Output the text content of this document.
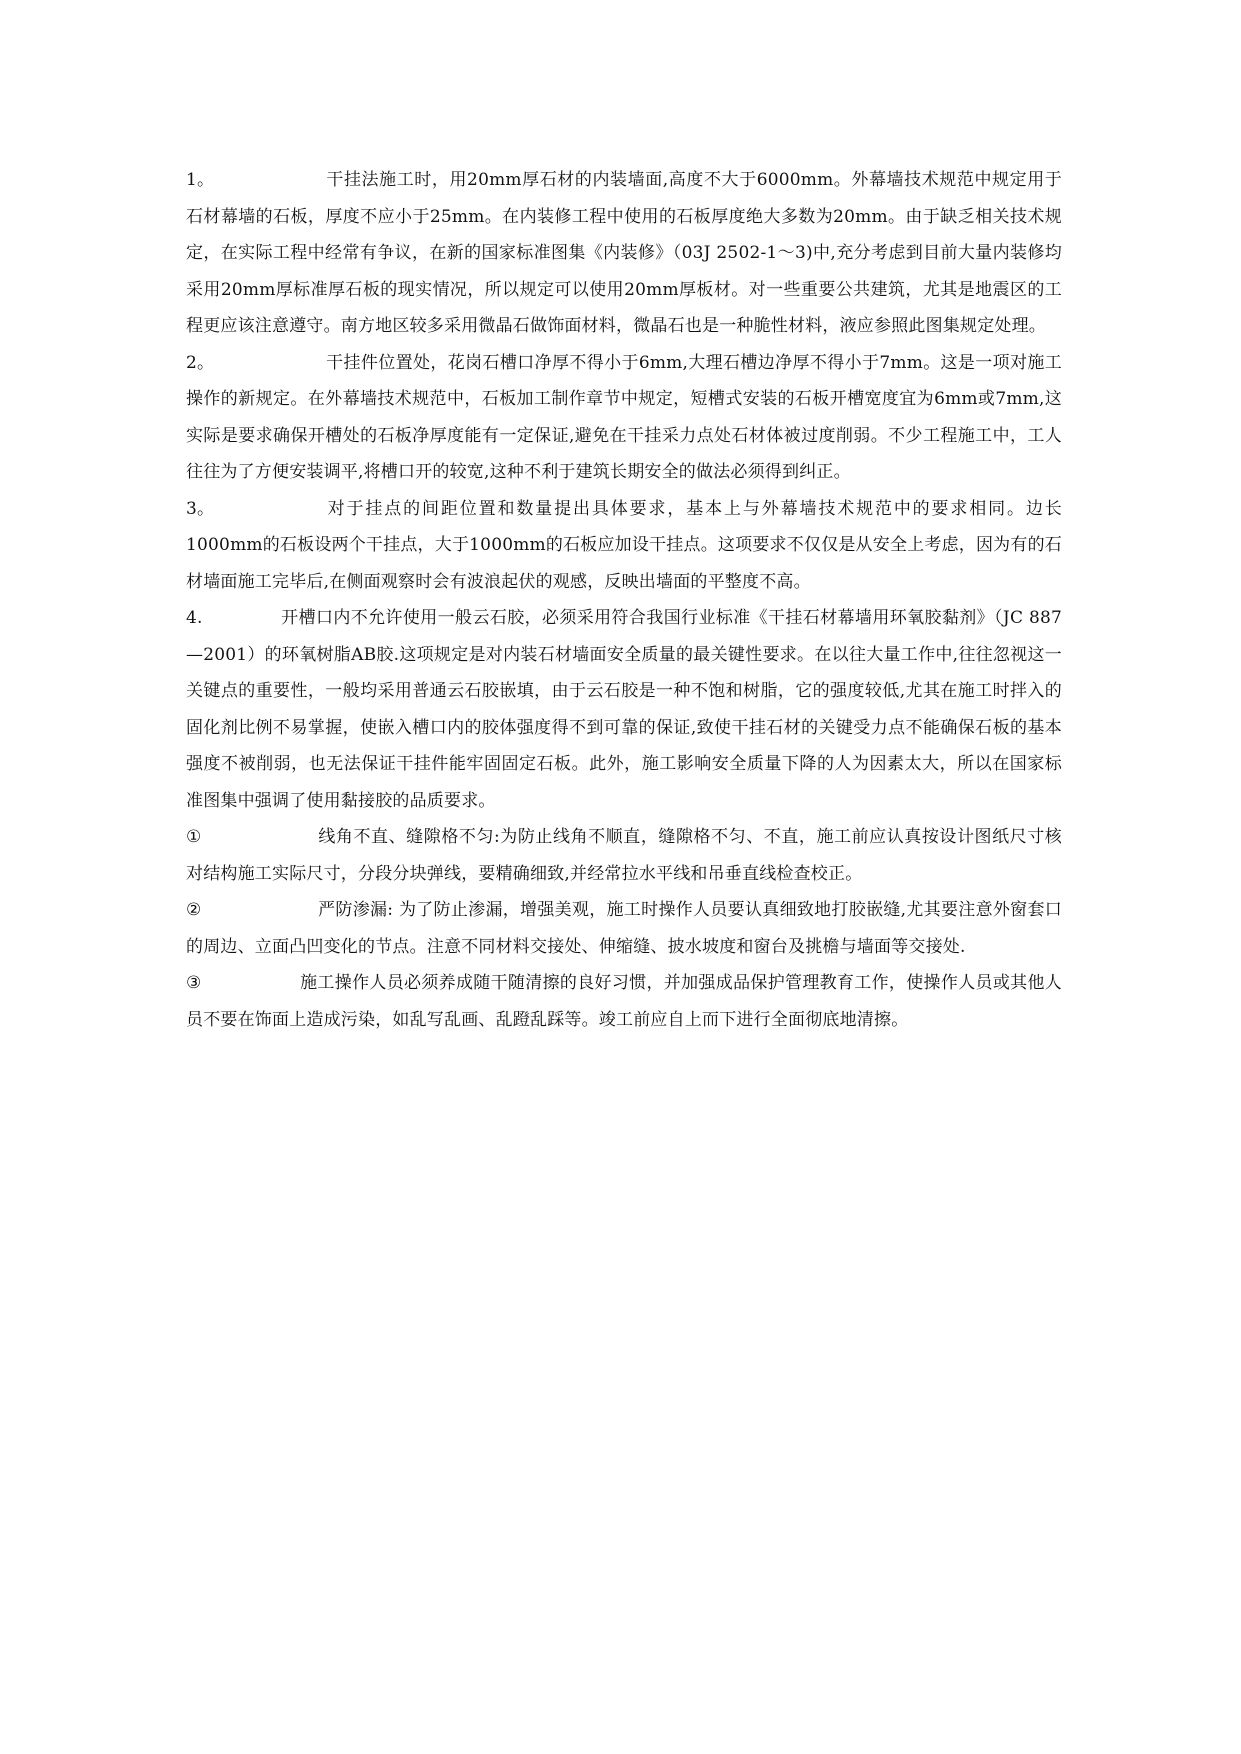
1。	干挂法施工时，用20mm厚石材的内装墙面,高度不大于6000mm。外幕墙技术规范中规定用于石材幕墙的石板，厚度不应小于25mm。在内装修工程中使用的石板厚度绝大多数为20mm。由于缺乏相关技术规定，在实际工程中经常有争议，在新的国家标准图集《内装修》（03J 2502-1～3)中,充分考虑到目前大量内装修均采用20mm厚标准厚石板的现实情况，所以规定可以使用20mm厚板材。对一些重要公共建筑，尤其是地震区的工程更应该注意遵守。南方地区较多采用微晶石做饰面材料，微晶石也是一种脆性材料，液应参照此图集规定处理。

2。	干挂件位置处，花岗石槽口净厚不得小于6mm,大理石槽边净厚不得小于7mm。这是一项对施工操作的新规定。在外幕墙技术规范中，石板加工制作章节中规定，短槽式安装的石板开槽宽度宜为6mm或7mm,这实际是要求确保开槽处的石板净厚度能有一定保证,避免在干挂采力点处石材体被过度削弱。不少工程施工中，工人往往为了方便安装调平,将槽口开的较宽,这种不利于建筑长期安全的做法必须得到纠正。

3。	对于挂点的间距位置和数量提出具体要求，基本上与外幕墙技术规范中的要求相同。边长1000mm的石板设两个干挂点，大于1000mm的石板应加设干挂点。这项要求不仅仅是从安全上考虑，因为有的石材墙面施工完毕后,在侧面观察时会有波浪起伏的观感，反映出墙面的平整度不高。

4.	开槽口内不允许使用一般云石胶，必须采用符合我国行业标准《干挂石材幕墙用环氧胶黏剂》（JC 887—2001）的环氧树脂AB胶.这项规定是对内装石材墙面安全质量的最关键性要求。在以往大量工作中,往往忽视这一关键点的重要性，一般均采用普通云石胶嵌填，由于云石胶是一种不饱和树脂，它的强度较低,尤其在施工时拌入的固化剂比例不易掌握，使嵌入槽口内的胶体强度得不到可靠的保证,致使干挂石材的关键受力点不能确保石板的基本强度不被削弱，也无法保证干挂件能牢固固定石板。此外，施工影响安全质量下降的人为因素太大，所以在国家标准图集中强调了使用黏接胶的品质要求。

①	线角不直、缝隙格不匀:为防止线角不顺直，缝隙格不匀、不直，施工前应认真按设计图纸尺寸核对结构施工实际尺寸，分段分块弹线，要精确细致,并经常拉水平线和吊垂直线检查校正。

②	严防渗漏: 为了防止渗漏，增强美观，施工时操作人员要认真细致地打胶嵌缝,尤其要注意外窗套口的周边、立面凸凹变化的节点。注意不同材料交接处、伸缩缝、披水坡度和窗台及挑檐与墙面等交接处.

③	施工操作人员必须养成随干随清擦的良好习惯，并加强成品保护管理教育工作，使操作人员或其他人员不要在饰面上造成污染，如乱写乱画、乱蹬乱踩等。竣工前应自上而下进行全面彻底地清擦。
